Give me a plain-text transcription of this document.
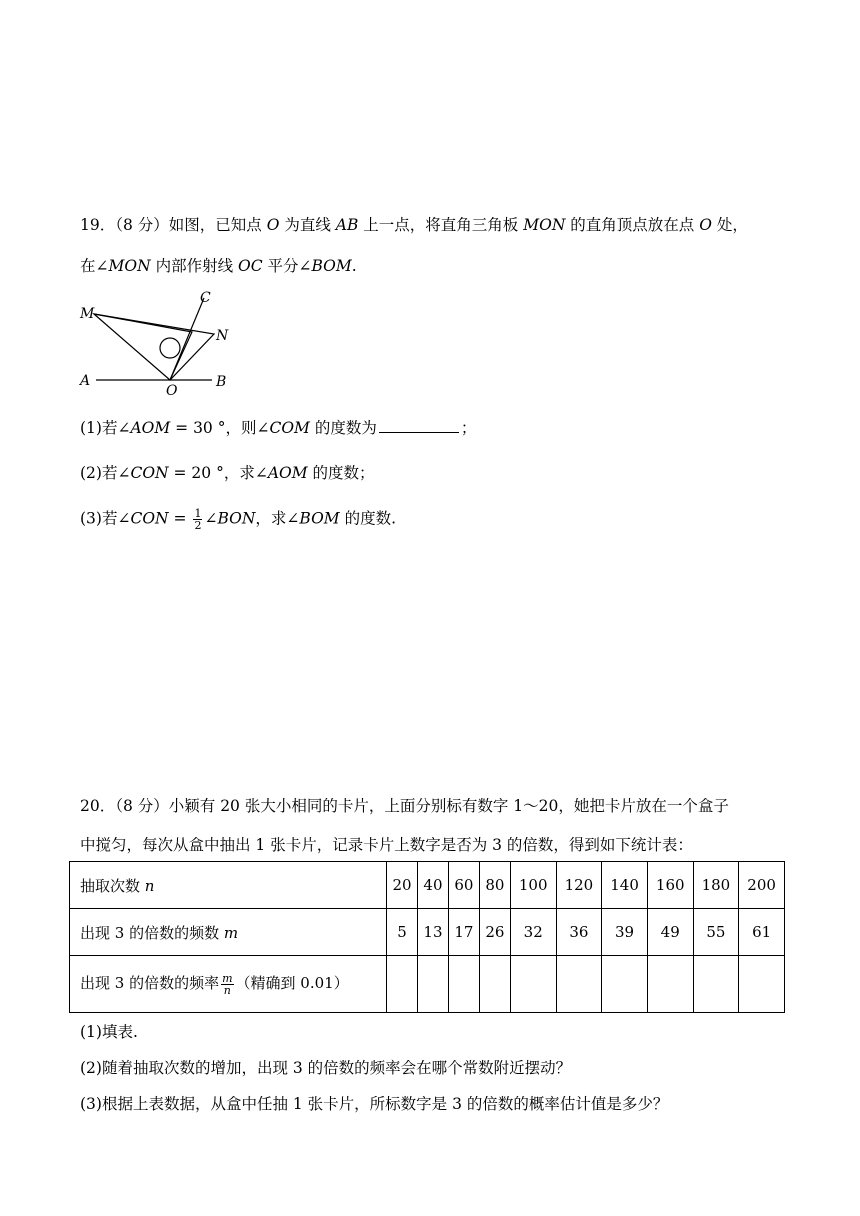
19．（8 分）如图，已知点 O 为直线 AB 上一点，将直角三角板 MON 的直角顶点放在点 O 处，
在∠MON 内部作射线 OC 平分∠BOM.
M
C
N
A
O
B
(1)若∠AOM = 30 °，则∠COM 的度数为	；
(2)若∠CON = 20 °，求∠AOM 的度数；
(3)若∠CON = $\frac{1}{2}$ ∠BON，求∠BOM 的度数.
20．（8 分）小颖有 20 张大小相同的卡片，上面分别标有数字 1～20，她把卡片放在一个盒子
中搅匀，每次从盒中抽出 1 张卡片，记录卡片上数字是否为 3 的倍数，得到如下统计表：
抽取次数 n	20	40	60	80	100	120	140	160	180	200
出现 3 的倍数的频数 m	5	13	17	26	32	36	39	49	55	61
出现 3 的倍数的频率 $\frac{m}{n}$ （精确到 0.01）										
(1)填表.
(2)随着抽取次数的增加，出现 3 的倍数的频率会在哪个常数附近摆动？
(3)根据上表数据，从盒中任抽 1 张卡片，所标数字是 3 的倍数的概率估计值是多少？
